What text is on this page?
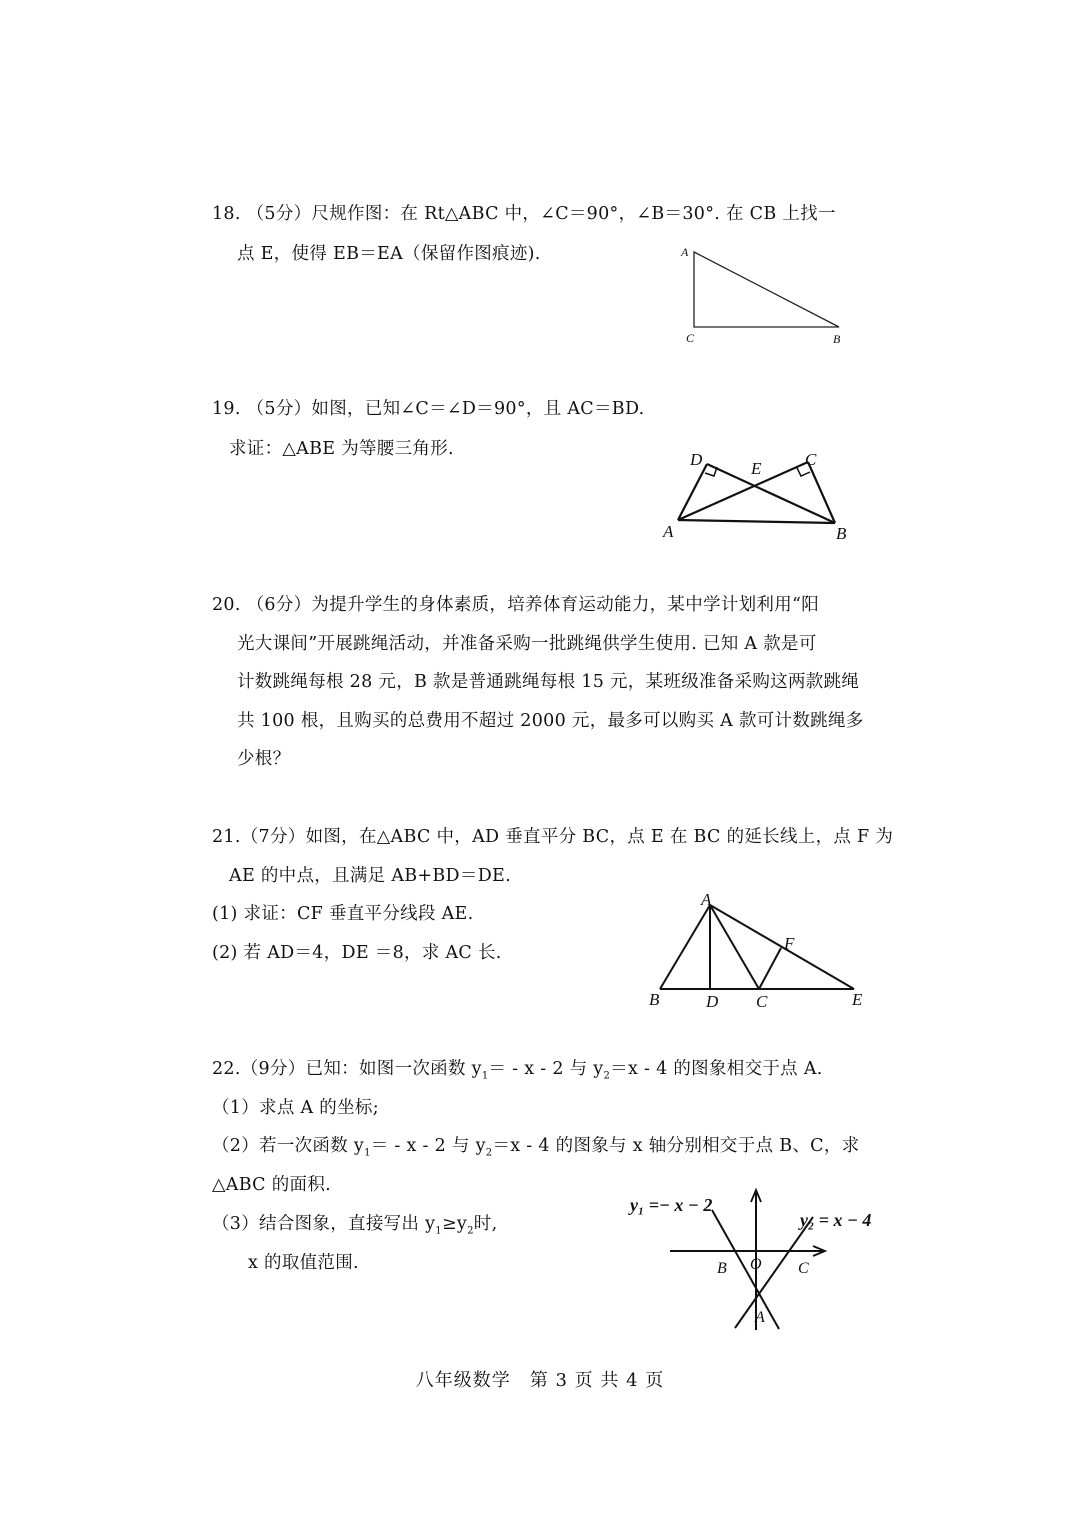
18. （5分）尺规作图：在 Rt△ABC 中，∠C＝90°，∠B＝30°. 在 CB 上找一
点 E，使得 EB＝EA（保留作图痕迹).	A
C	B
19. （5分）如图，已知∠C＝∠D＝90°，且 AC＝BD.
求证：△ABE 为等腰三角形.
D	E	C
A	B
20. （6分）为提升学生的身体素质，培养体育运动能力，某中学计划利用“阳
光大课间”开展跳绳活动，并准备采购一批跳绳供学生使用. 已知 A 款是可
计数跳绳每根 28 元，B 款是普通跳绳每根 15 元，某班级准备采购这两款跳绳
共 100 根，且购买的总费用不超过 2000 元，最多可以购买 A 款可计数跳绳多
少根？
21.（7分）如图，在△ABC 中，AD 垂直平分 BC，点 E 在 BC 的延长线上，点 F 为
AE 的中点，且满足 AB+BD＝DE.
(1) 求证：CF 垂直平分线段 AE.
(2) 若 AD＝4，DE ＝8，求 AC 长.
A
F
B	D C	E
22.（9分）已知：如图一次函数 $y_1= - x - 2$ 与 $y_2=x - 4$ 的图象相交于点 A.
（1）求点 A 的坐标;
（2）若一次函数 $y_1= - x - 2$ 与 $y_2=x - 4$ 的图象与 x 轴分别相交于点 B、C，求
△ABC 的面积.
（3）结合图象，直接写出 $y_1\ge y_2$时,
x 的取值范围.
y₁ =− x − 2
y₂ = x − 4
O
B	C
A
八年级数学　第 3 页 共 4 页
